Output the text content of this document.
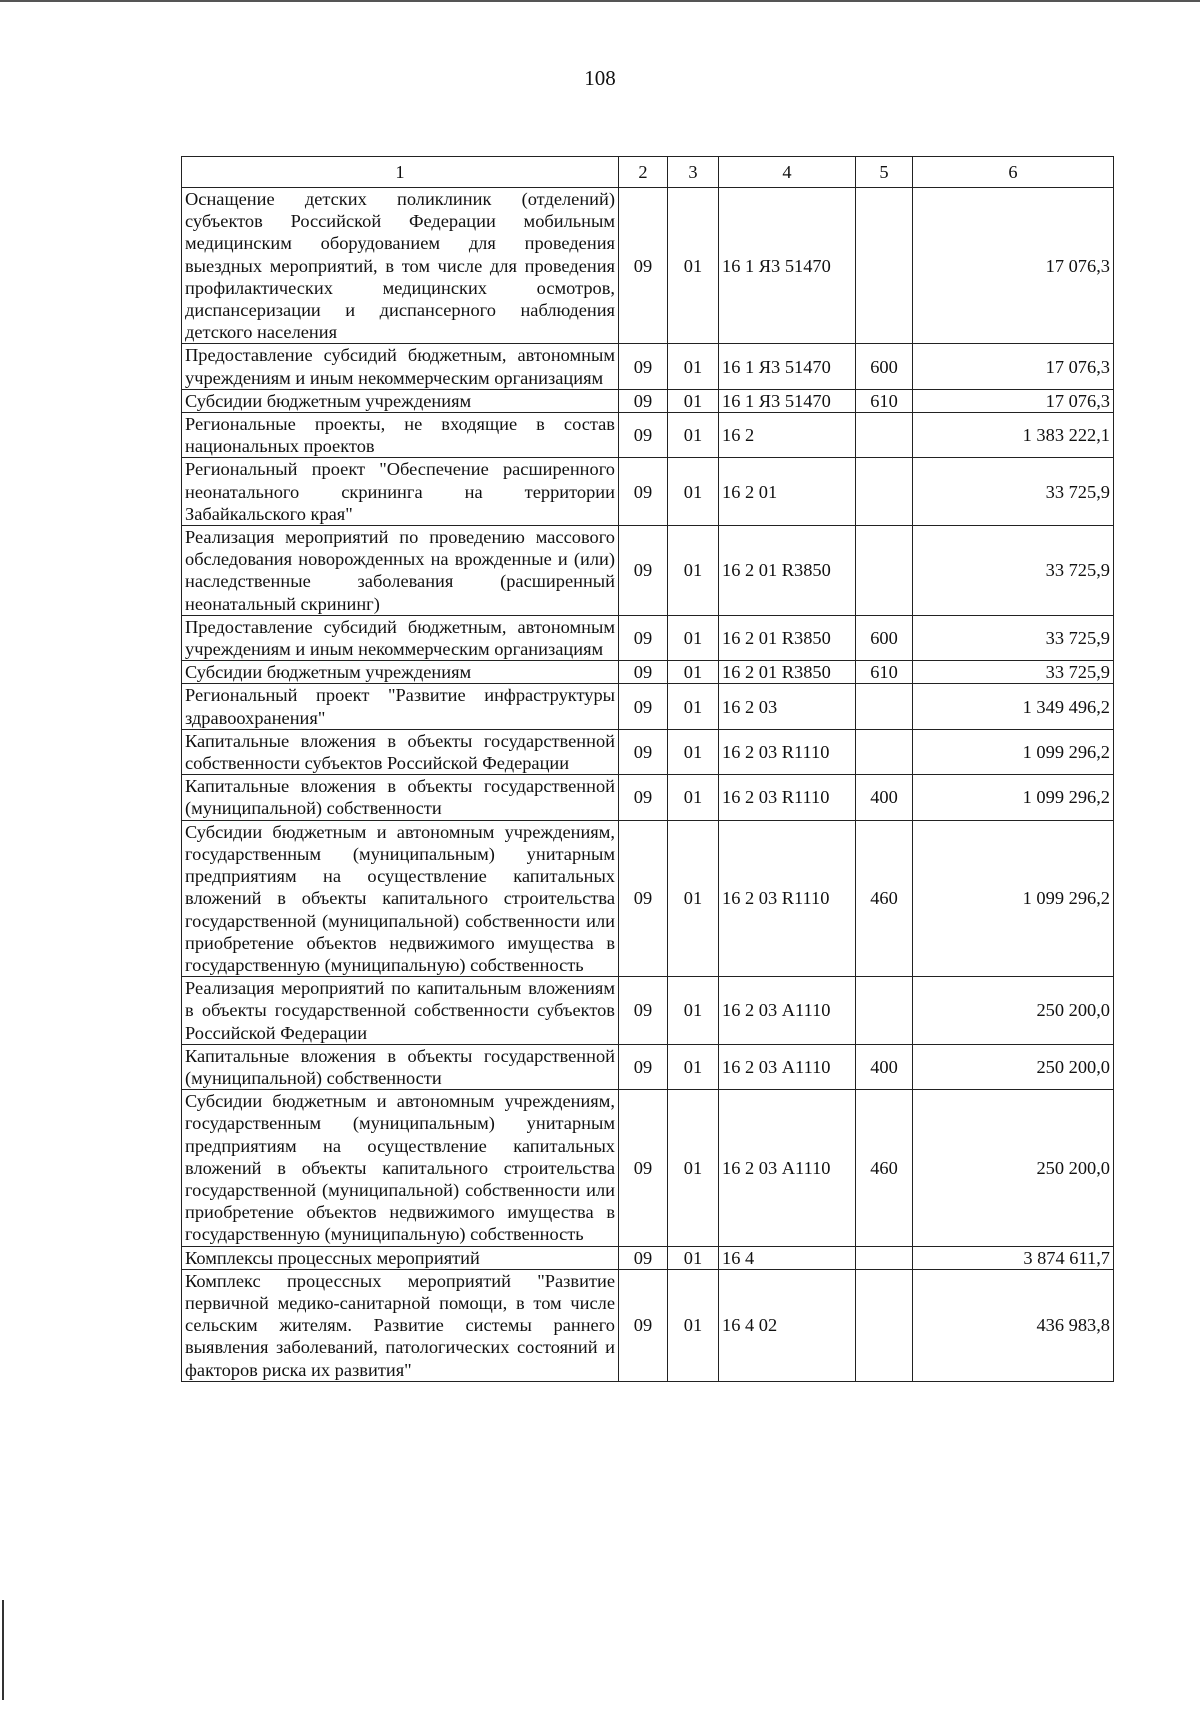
108
1	2	3	4	5	6
Оснащение детских поликлиник (отделений) субъектов Российской Федерации мобильным медицинским оборудованием для проведения выездных мероприятий, в том числе для проведения профилактических медицинских осмотров, диспансеризации и диспансерного наблюдения детского населения	09	01	16 1 Я3 51470		17 076,3
Предоставление субсидий бюджетным, автономным учреждениям и иным некоммерческим организациям	09	01	16 1 Я3 51470	600	17 076,3
Субсидии бюджетным учреждениям	09	01	16 1 Я3 51470	610	17 076,3
Региональные проекты, не входящие в состав национальных проектов	09	01	16 2		1 383 222,1
Региональный проект "Обеспечение расширенного неонатального скрининга на территории Забайкальского края"	09	01	16 2 01		33 725,9
Реализация мероприятий по проведению массового обследования новорожденных на врожденные и (или) наследственные заболевания (расширенный неонатальный скрининг)	09	01	16 2 01 R3850		33 725,9
Предоставление субсидий бюджетным, автономным учреждениям и иным некоммерческим организациям	09	01	16 2 01 R3850	600	33 725,9
Субсидии бюджетным учреждениям	09	01	16 2 01 R3850	610	33 725,9
Региональный проект "Развитие инфраструктуры здравоохранения"	09	01	16 2 03		1 349 496,2
Капитальные вложения в объекты государственной собственности субъектов Российской Федерации	09	01	16 2 03 R1110		1 099 296,2
Капитальные вложения в объекты государственной (муниципальной) собственности	09	01	16 2 03 R1110	400	1 099 296,2
Субсидии бюджетным и автономным учреждениям, государственным (муниципальным) унитарным предприятиям на осуществление капитальных вложений в объекты капитального строительства государственной (муниципальной) собственности или приобретение объектов недвижимого имущества в государственную (муниципальную) собственность	09	01	16 2 03 R1110	460	1 099 296,2
Реализация мероприятий по капитальным вложениям в объекты государственной собственности субъектов Российской Федерации	09	01	16 2 03 А1110		250 200,0
Капитальные вложения в объекты государственной (муниципальной) собственности	09	01	16 2 03 А1110	400	250 200,0
Субсидии бюджетным и автономным учреждениям, государственным (муниципальным) унитарным предприятиям на осуществление капитальных вложений в объекты капитального строительства государственной (муниципальной) собственности или приобретение объектов недвижимого имущества в государственную (муниципальную) собственность	09	01	16 2 03 А1110	460	250 200,0
Комплексы процессных мероприятий	09	01	16 4		3 874 611,7
Комплекс процессных мероприятий "Развитие первичной медико-санитарной помощи, в том числе сельским жителям. Развитие системы раннего выявления заболеваний, патологических состояний и факторов риска их развития"	09	01	16 4 02		436 983,8
